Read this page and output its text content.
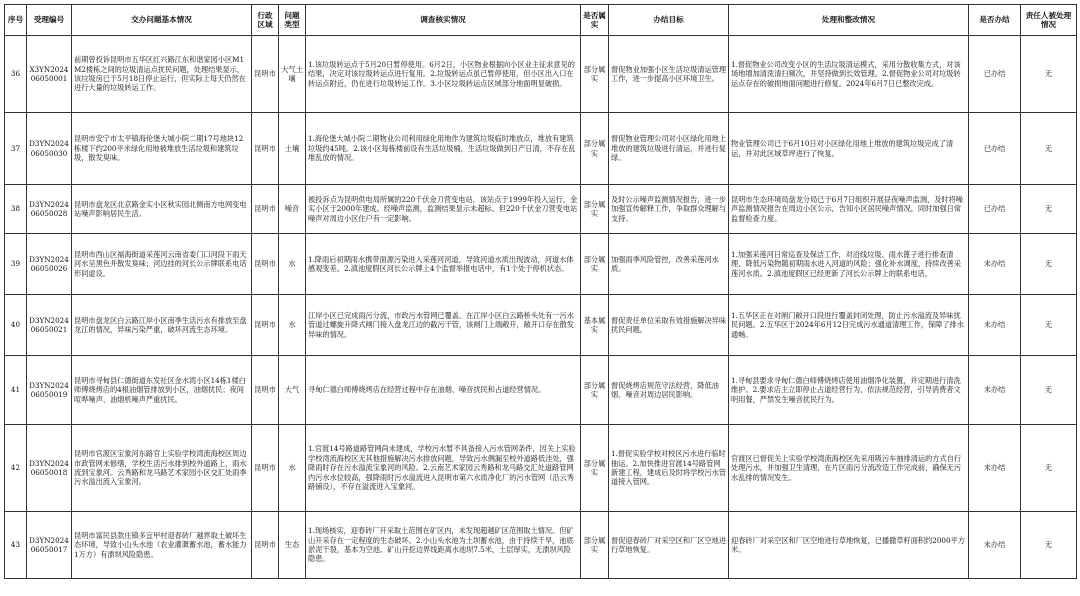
序号	受理编号	交办问题基本情况	行政区域	问题类型	调查核实情况	是否属实	办结目标	处理和整改情况	是否办结	责任人被处理情况
36	X3YN2024 06050001	前期曾投诉昆明市五华区红兴路江东和谐家园小区M1M2楼栋之间的垃圾清运点扰民问题，处理结果显示，该垃圾房已于5月18日停止运行，但实际上每天仍然在进行大量的垃圾转运工作。	昆明市	大气土壤	1.该垃圾转运点于5月20日暂停使用。6月2日，小区物业根据向小区业主征求意见的结果，决定对该垃圾转运点进行复用。2.垃圾转运点虽已暂停使用，但小区出入口在转运点附近，仍在进行垃圾转运工作。3.小区垃圾转运点区域部分地面明显破损。	部分属实	督促物业加强小区生活垃圾清运管理工作，进一步提高小区环境卫生。	1.督促物业公司改变小区的生活垃圾清运模式，采用分散收集方式，对该场地增加清洗清扫频次，并坚持做到长效管理。2.督促物业公司对垃圾转运点存在的破损地面问题进行修复。2024年6月7日已整改完成。	已办结	无
37	D3YN2024 06050030	昆明市安宁市太平镇海伦堡大城小院二期17号地块12栋楼下约200平米绿化用地被堆放生活垃圾和建筑垃圾，散发臭味。	昆明市	土壤	1.海伦堡大城小院二期物业公司利用绿化用地作为建筑垃圾临时堆放点，堆放有建筑垃圾约45吨。2.该小区每栋楼前设有生活垃圾桶，生活垃圾做到日产日清，不存在乱堆乱放的情况。	部分属实	督促物业管理公司对小区绿化用地上堆放的建筑垃圾进行清运，并进行复绿。	物业管理公司已于6月10日对小区绿化用地上堆放的建筑垃圾完成了清运，并对此区域草坪进行了恢复。	已办结	无
38	D3YN2024 06050028	昆明市盘龙区北京路金实小区秋实园北侧南方电网变电站噪声影响居民生活。	昆明市	噪音	被投诉点为昆明供电局所属的220千伏金刀营变电站，该站点于1999年投入运行，金实小区于2000年建成。经噪声监测，监测结果显示未超标。但220千伏金刀营变电站噪声对周边小区住户有一定影响。	部分属实	及时公示噪声监测情况报告，进一步加强宣传解释工作，争取群众理解与支持。	昆明市生态环境局盘龙分局已于6月7日组织开展昼夜噪声监测，及时将噪声监测情况报告在周边小区公示，告知小区居民噪声情况，同时加强日常监督检查力度。	已办结	无
39	D3YN2024 06050026	昆明市西山区福海街道采莲河云南省委门口河段下雨天河水呈黑色并散发臭味；河边挂的河长公示牌联系电话形同虚设。	昆明市	水	1.降雨后初期雨水携带面源污染进入采莲河河道，导致河道水质出现波动，河道水体感观变差。2.滇池度假区河长公示牌上4个监督举报电话中，有1个处于停机状态。	部分属实	加强雨季风险管控，改善采莲河水质。	1.加强采莲河日常巡查及保洁工作，对沿线垃圾、雨水篦子进行排查清理，降低污染物随初期雨水进入河道的风险；强化补水调度，持续改善采莲河水质。2.滇池度假区已经更新了河长公示牌上的联系电话。	未办结	无
40	D3YN2024 06050021	昆明市盘龙区白云路江岸小区南季生活污水有排放至盘龙江的情况，异味污染严重，破坏河流生态环境。	昆明市	水	江岸小区已完成雨污分流，市政污水管网已覆盖。在江岸小区白云路桥头处有一污水管道过螺旋升降式闸门接入盘龙江边的截污干管，该闸门上端敞开，敞开口存在散发异味的情况。	基本属实	督促责任单位采取有效措施解决异味扰民问题。	1.五华区正在对闸门敞开口段进行覆盖封闭处理，防止污水溢流及异味扰民问题。2.五华区于2024年6月12日完成污水通道清理工作，保障了排水通畅。	未办结	无
41	D3YN2024 06050019	昆明市寻甸县仁德街道东发社区金水湾小区14栋1楼白师傅烧烤店的4根油烟管排放到小区，油烟扰民；夜间喧哗噪声、油烟机噪声严重扰民。	昆明市	大气	寻甸仁德白师傅烧烤店在经营过程中存在油烟、噪音扰民和占道经营情况。	部分属实	督促烧烤店规范守法经营，降低油烟、噪音对周边居民影响。	1.寻甸县要求寻甸仁德白师傅烧烤店使用油烟净化装置，并定期进行清洗维护。2.要求店主立即停止占道经营行为，依法规范经营，引导消费者文明用餐，严禁发生噪音扰民行为。	未办结	无
42	D3YN2024 06050018	昆明市官渡区宝象河东路官上实验学校湾流海校区周边市政管网未修缮，学校生活污水排到校外道路上，雨水流到宝象河。云秀路和龙马路艺术家园小区交汇处雨季污水溢出流入宝象河。	昆明市	水	1.官渡14号路道路管网尚未建成，学校污水暂不具备接入污水管网条件，因关上实验学校湾流海校区无其他措施解决污水排放问题，导致污水侧漏至校外道路低洼处，强降雨时存在污水溢流宝象河的风险。2.云南艺术家园云秀路和龙马路交汇处道路管网内污水水位较高，强降雨时污水溢流进入昆明市第六水质净化厂的污水管网（沿云秀路铺设），不存在溢流进入宝象河。	部分属实	1.督促实验学校对校区污水进行临时抽运。2.加快推进官渡14号路管网新建工程，建成后及时将学校污水管道接入管网。	官渡区已督促关上实验学校湾流海校区先采用吸污车抽排清运的方式自行处理污水，并加强卫生清理，在片区雨污分流改造工作完成前，确保无污水乱排的情况发生。	未办结	无
43	D3YN2024 06050017	昆明市富民县款庄镇多宜甲村迎春砖厂越界取土破坏生态环境，导致小山头水池（农业灌溉蓄水池，蓄水能力1万方）有溃坝风险隐患。	昆明市	生态	1.现场核实，迎春砖厂开采取土范围在矿区内，未发现超越矿区范围取土情况。但矿山开采存在一定程度的生态破坏。2.小山头水池为土坝蓄水池，由于持续干旱，池底淤泥干裂，基本为空池。矿山开挖边界线距离水池坝7.5米，土层厚实，无溃坝风险隐患。	部分属实	督促迎春砖厂对采空区和厂区空地进行草地恢复。	迎春砖厂对采空区和厂区空地进行草地恢复，已播撒草籽面积约2000平方米。	未办结	无
